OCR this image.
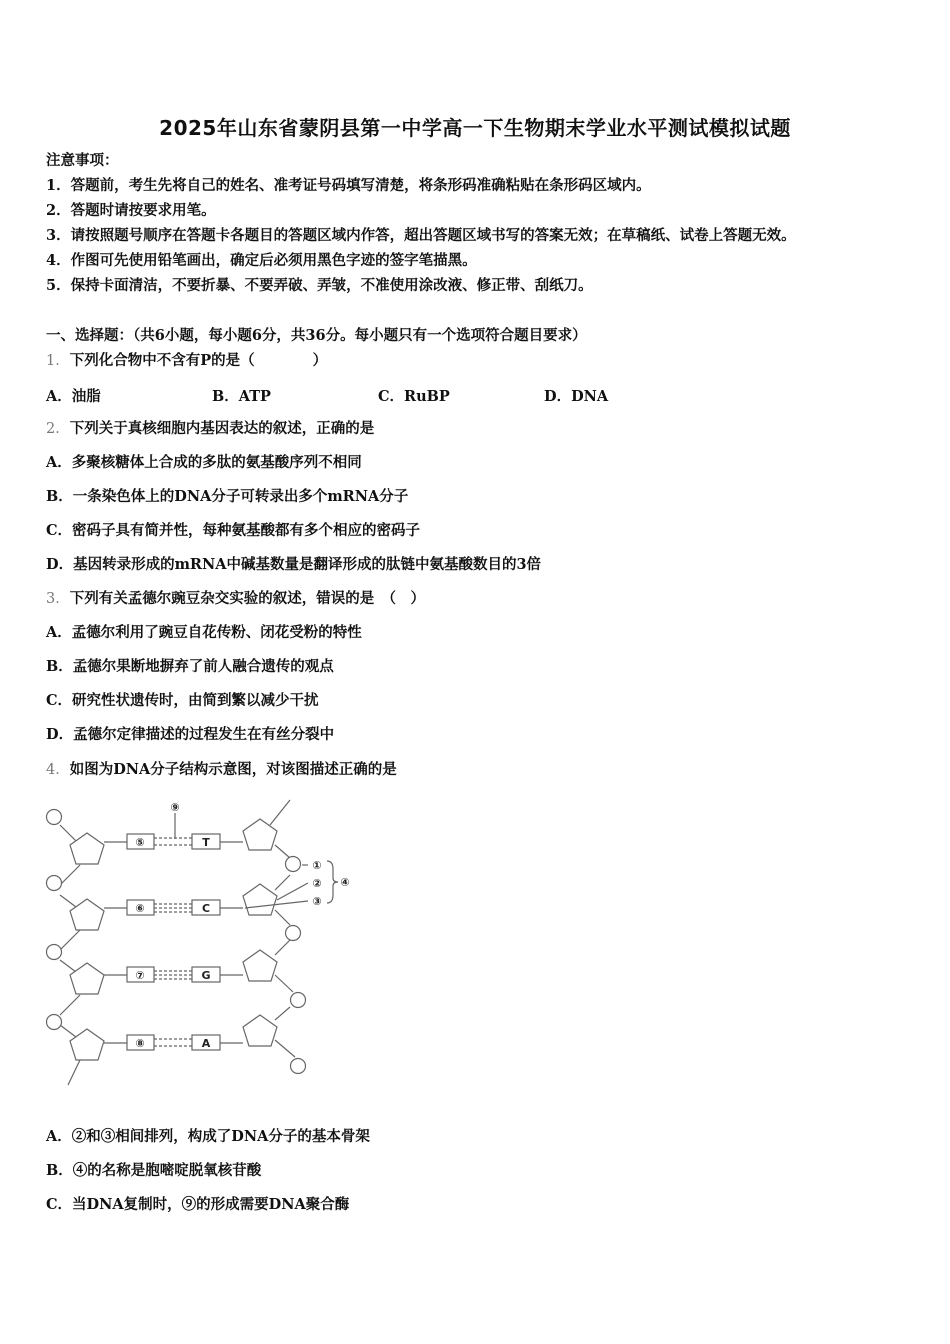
2025年山东省蒙阴县第一中学高一下生物期末学业水平测试模拟试题
注意事项：
1．答题前，考生先将自己的姓名、准考证号码填写清楚，将条形码准确粘贴在条形码区域内。
2．答题时请按要求用笔。
3．请按照题号顺序在答题卡各题目的答题区域内作答，超出答题区域书写的答案无效；在草稿纸、试卷上答题无效。
4．作图可先使用铅笔画出，确定后必须用黑色字迹的签字笔描黑。
5．保持卡面清洁，不要折暴、不要弄破、弄皱，不准使用涂改液、修正带、刮纸刀。
一、选择题：（共6小题，每小题6分，共36分。每小题只有一个选项符合题目要求）
1．下列化合物中不含有P的是（　　　　）
A．油脂	B．ATP	C．RuBP	D．DNA
2．下列关于真核细胞内基因表达的叙述，正确的是
A．多聚核糖体上合成的多肽的氨基酸序列不相同
B．一条染色体上的DNA分子可转录出多个mRNA分子
C．密码子具有简并性，每种氨基酸都有多个相应的密码子
D．基因转录形成的mRNA中碱基数量是翻译形成的肽链中氨基酸数目的3倍
3．下列有关孟德尔豌豆杂交实验的叙述，错误的是　（　）
A．孟德尔利用了豌豆自花传粉、闭花受粉的特性
B．孟德尔果断地摒弃了前人融合遗传的观点
C．研究性状遗传时，由简到繁以减少干扰
D．孟德尔定律描述的过程发生在有丝分裂中
4．如图为DNA分子结构示意图，对该图描述正确的是
⑤	T
⑥	C
⑦	G
⑧	A
⑨
①
②
③
④
A．②和③相间排列，构成了DNA分子的基本骨架
B．④的名称是胞嘧啶脱氧核苷酸
C．当DNA复制时，⑨的形成需要DNA聚合酶
